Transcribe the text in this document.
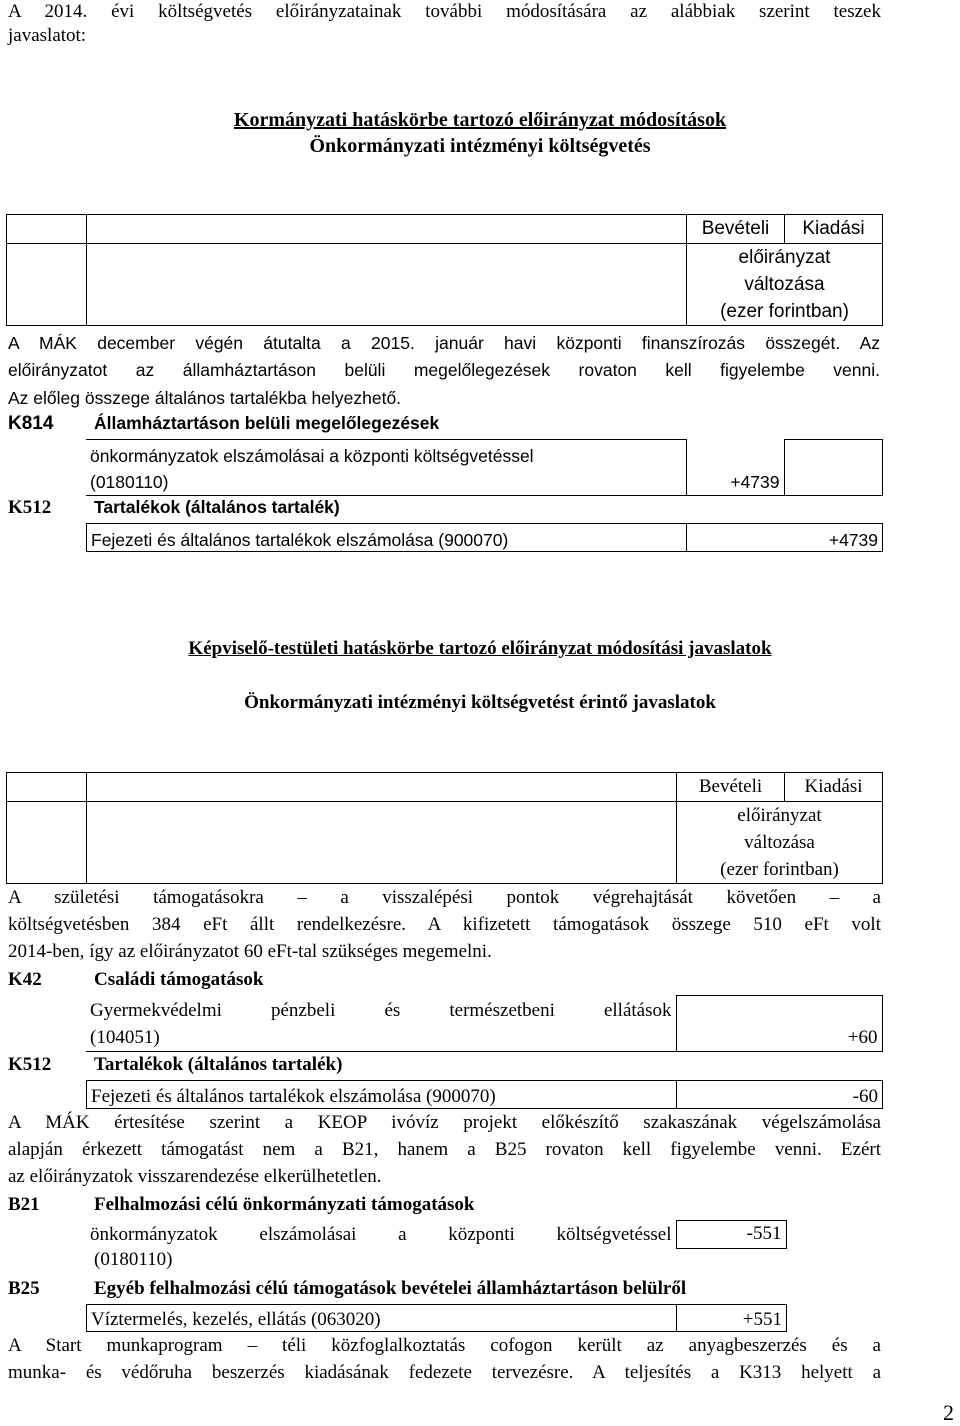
A 2014. évi költségvetés előirányzatainak további módosítására az alábbiak szerint teszek
javaslatot:
Kormányzati hatáskörbe tartozó előirányzat módosítások
Önkormányzati intézményi költségvetés
		Bevételi	Kiadási

		előirányzat
változása
(ezer forintban)	
A MÁK december végén átutalta a 2015. január havi központi finanszírozás összegét. Az
előirányzatot az államháztartáson belüli megelőlegezések rovaton kell figyelembe venni.
Az előleg összege általános tartalékba helyezhető.
K814 Államháztartáson belüli megelőlegezések
önkormányzatok elszámolásai a központi költségvetéssel
(0180110)	+4739	
K512 Tartalékok (általános tartalék)
Fejezeti és általános tartalékok elszámolása (900070)	+4739
Képviselő-testületi hatáskörbe tartozó előirányzat módosítási javaslatok
Önkormányzati intézményi költségvetést érintő javaslatok
		Bevételi	Kiadási

		előirányzat
változása
(ezer forintban)	
A születési támogatásokra – a visszalépési pontok végrehajtását követően – a
költségvetésben 384 eFt állt rendelkezésre. A kifizetett támogatások összege 510 eFt volt
2014-ben, így az előirányzatot 60 eFt-tal szükséges megemelni.
K42	Családi támogatások
Gyermekvédelmi pénzbeli és természetbeni ellátások
(104051)	+60
K512 Tartalékok (általános tartalék)
Fejezeti és általános tartalékok elszámolása (900070)	-60
A MÁK értesítése szerint a KEOP ivóvíz projekt előkészítő szakaszának végelszámolása
alapján érkezett támogatást nem a B21, hanem a B25 rovaton kell figyelembe venni. Ezért
az előirányzatok visszarendezése elkerülhetetlen.
B21	Felhalmozási célú önkormányzati támogatások
önkormányzatok elszámolásai a központi költségvetéssel	-551
(0180110)
B25	Egyéb felhalmozási célú támogatások bevételei államháztartáson belülről
Víztermelés, kezelés, ellátás (063020)	+551
A Start munkaprogram – téli közfoglalkoztatás cofogon került az anyagbeszerzés és a
munka- és védőruha beszerzés kiadásának fedezete tervezésre. A teljesítés a K313 helyett a
2
